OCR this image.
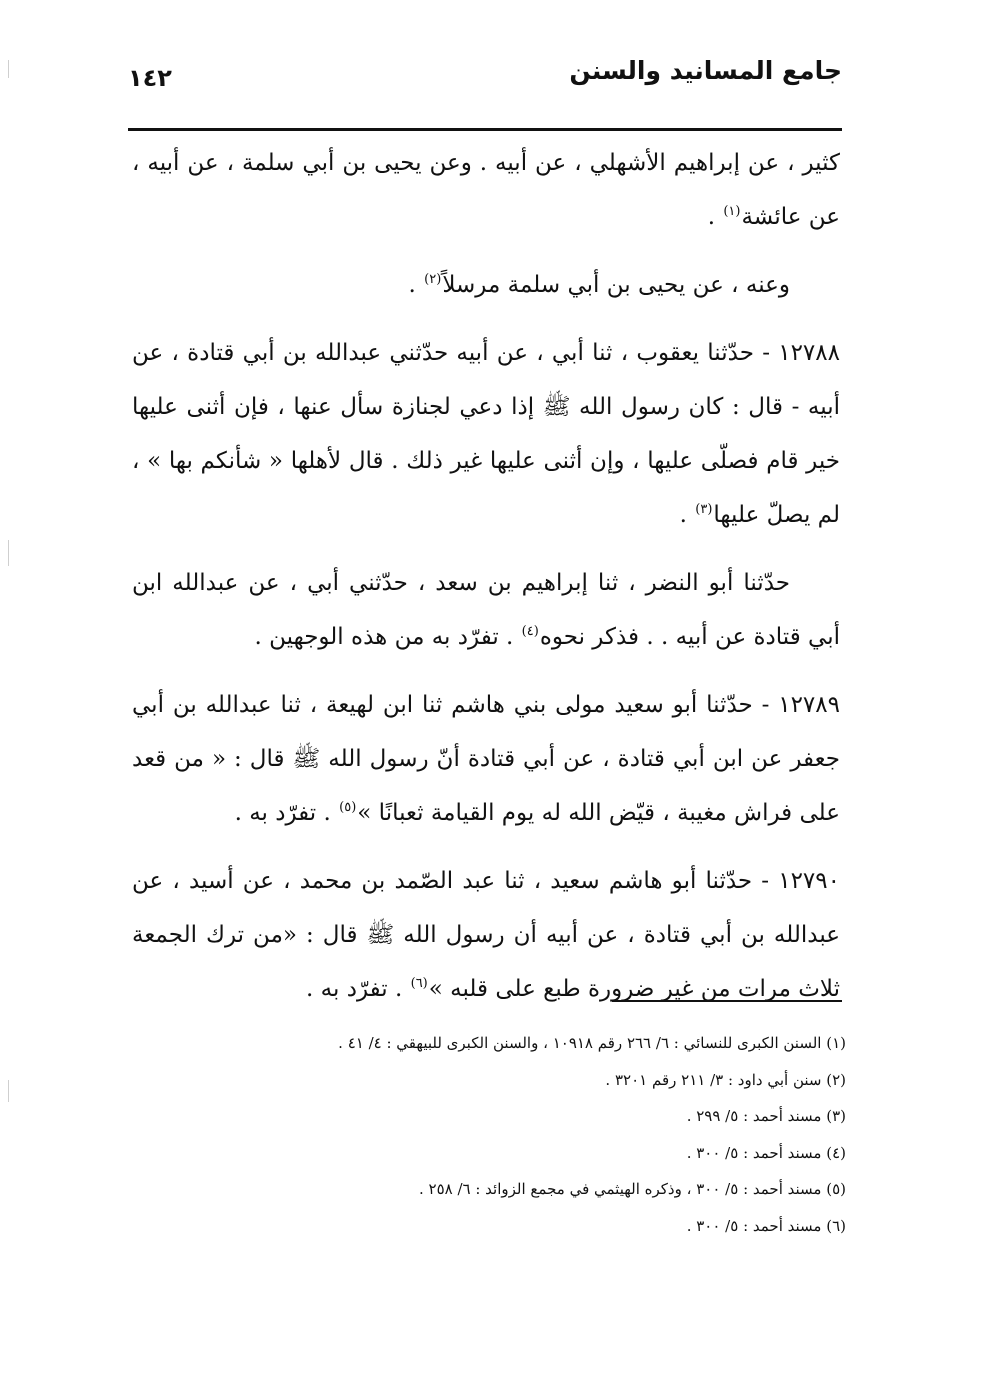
جامع المسانيد والسنن
١٤٢

كثير ، عن إبراهيم الأشهلي ، عن أبيه . وعن يحيى بن أبي سلمة ، عن أبيه ، عن عائشة$^{(١)}$ .

وعنه ، عن يحيى بن أبي سلمة مرسلاً$^{(٢)}$ .

١٢٧٨٨ - حدّثنا يعقوب ، ثنا أبي ، عن أبيه حدّثني عبدالله بن أبي قتادة ، عن أبيه - قال : كان رسول الله ﷺ إذا دعي لجنازة سأل عنها ، فإن أثنى عليها خير قام فصلّى عليها ، وإن أثنى عليها غير ذلك . قال لأهلها « شأنكم بها » ، لم يصلّ عليها$^{(٣)}$ .

حدّثنا أبو النضر ، ثنا إبراهيم بن سعد ، حدّثني أبي ، عن عبدالله ابن أبي قتادة عن أبيه . . فذكر نحوه$^{(٤)}$ . تفرّد به من هذه الوجهين .

١٢٧٨٩ - حدّثنا أبو سعيد مولى بني هاشم ثنا ابن لهيعة ، ثنا عبدالله بن أبي جعفر عن ابن أبي قتادة ، عن أبي قتادة أنّ رسول الله ﷺ قال : « من قعد على فراش مغيبة ، قيّض الله له يوم القيامة ثعبانًا »$^{(٥)}$ . تفرّد به .

١٢٧٩٠ - حدّثنا أبو هاشم سعيد ، ثنا عبد الصّمد بن محمد ، عن أسيد ، عن عبدالله بن أبي قتادة ، عن أبيه أن رسول الله ﷺ قال : «من ترك الجمعة ثلاث مرات من غير ضرورة طبع على قلبه »$^{(٦)}$ . تفرّد به .

(١) السنن الكبرى للنسائي : ٦/ ٢٦٦ رقم ١٠٩١٨ ، والسنن الكبرى للبيهقي : ٤/ ٤١ .

(٢) سنن أبي داود : ٣/ ٢١١ رقم ٣٢٠١ .

(٣) مسند أحمد : ٥/ ٢٩٩ .

(٤) مسند أحمد : ٥/ ٣٠٠ .

(٥) مسند أحمد : ٥/ ٣٠٠ ، وذكره الهيثمي في مجمع الزوائد : ٦/ ٢٥٨ .

(٦) مسند أحمد : ٥/ ٣٠٠ .
